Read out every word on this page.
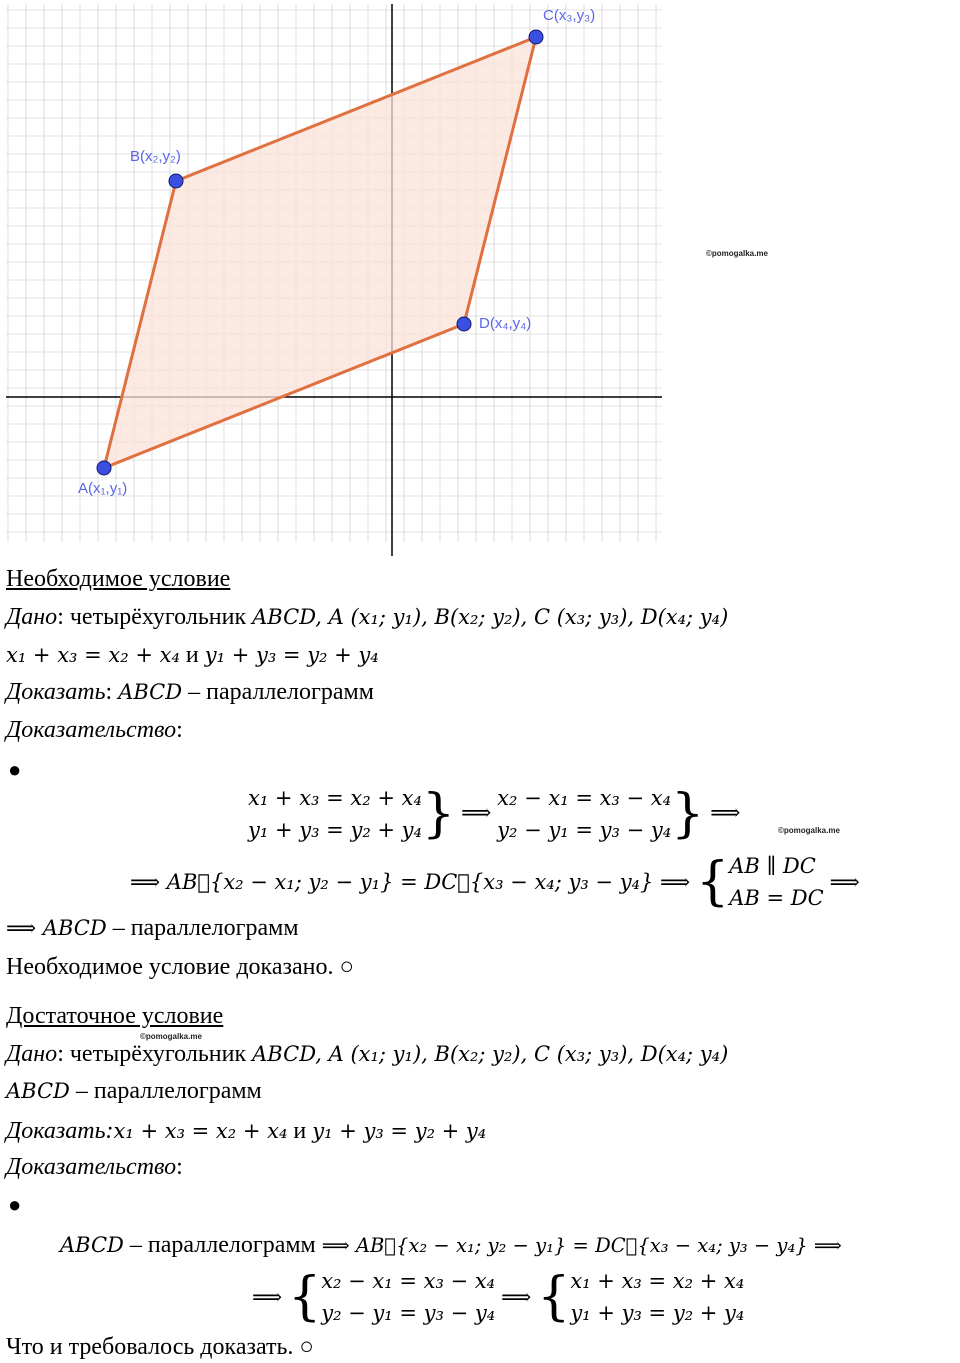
A(x₁,y₁)
B(x₂,y₂)
C(x₃,y₃)
D(x₄,y₄)
©pomogalka.me
Необходимое условие
Дано: четырёхугольник ABCD, A (x₁; y₁), B(x₂; y₂), C (x₃; y₃), D(x₄; y₄)
x₁ + x₃ = x₂ + x₄ и y₁ + y₃ = y₂ + y₄
Доказать: ABCD – параллелограмм
Доказательство:
●
x₁ + x₃ = x₂ + x₄
y₁ + y₃ = y₂ + y₄ } ⟹
x₂ − x₁ = x₃ − x₄
y₂ − y₁ = y₃ − y₄ } ⟹
©pomogalka.me
⟹ AB⃗{x₂ − x₁; y₂ − y₁} = DC⃗{x₃ − x₄; y₃ − y₄} ⟹ { AB ∥ DC
AB = DC
⟹
⟹ ABCD – параллелограмм
Необходимое условие доказано. ○
Достаточное условие
©pomogalka.me
Дано: четырёхугольник ABCD, A (x₁; y₁), B(x₂; y₂), C (x₃; y₃), D(x₄; y₄)
ABCD – параллелограмм
Доказать:x₁ + x₃ = x₂ + x₄ и y₁ + y₃ = y₂ + y₄
Доказательство:
●
ABCD – параллелограмм ⟹ AB⃗{x₂ − x₁; y₂ − y₁} = DC⃗{x₃ − x₄; y₃ − y₄} ⟹
⟹ { x₂ − x₁ = x₃ − x₄
y₂ − y₁ = y₃ − y₄
⟹ { x₁ + x₃ = x₂ + x₄
y₁ + y₃ = y₂ + y₄
Что и требовалось доказать. ○
